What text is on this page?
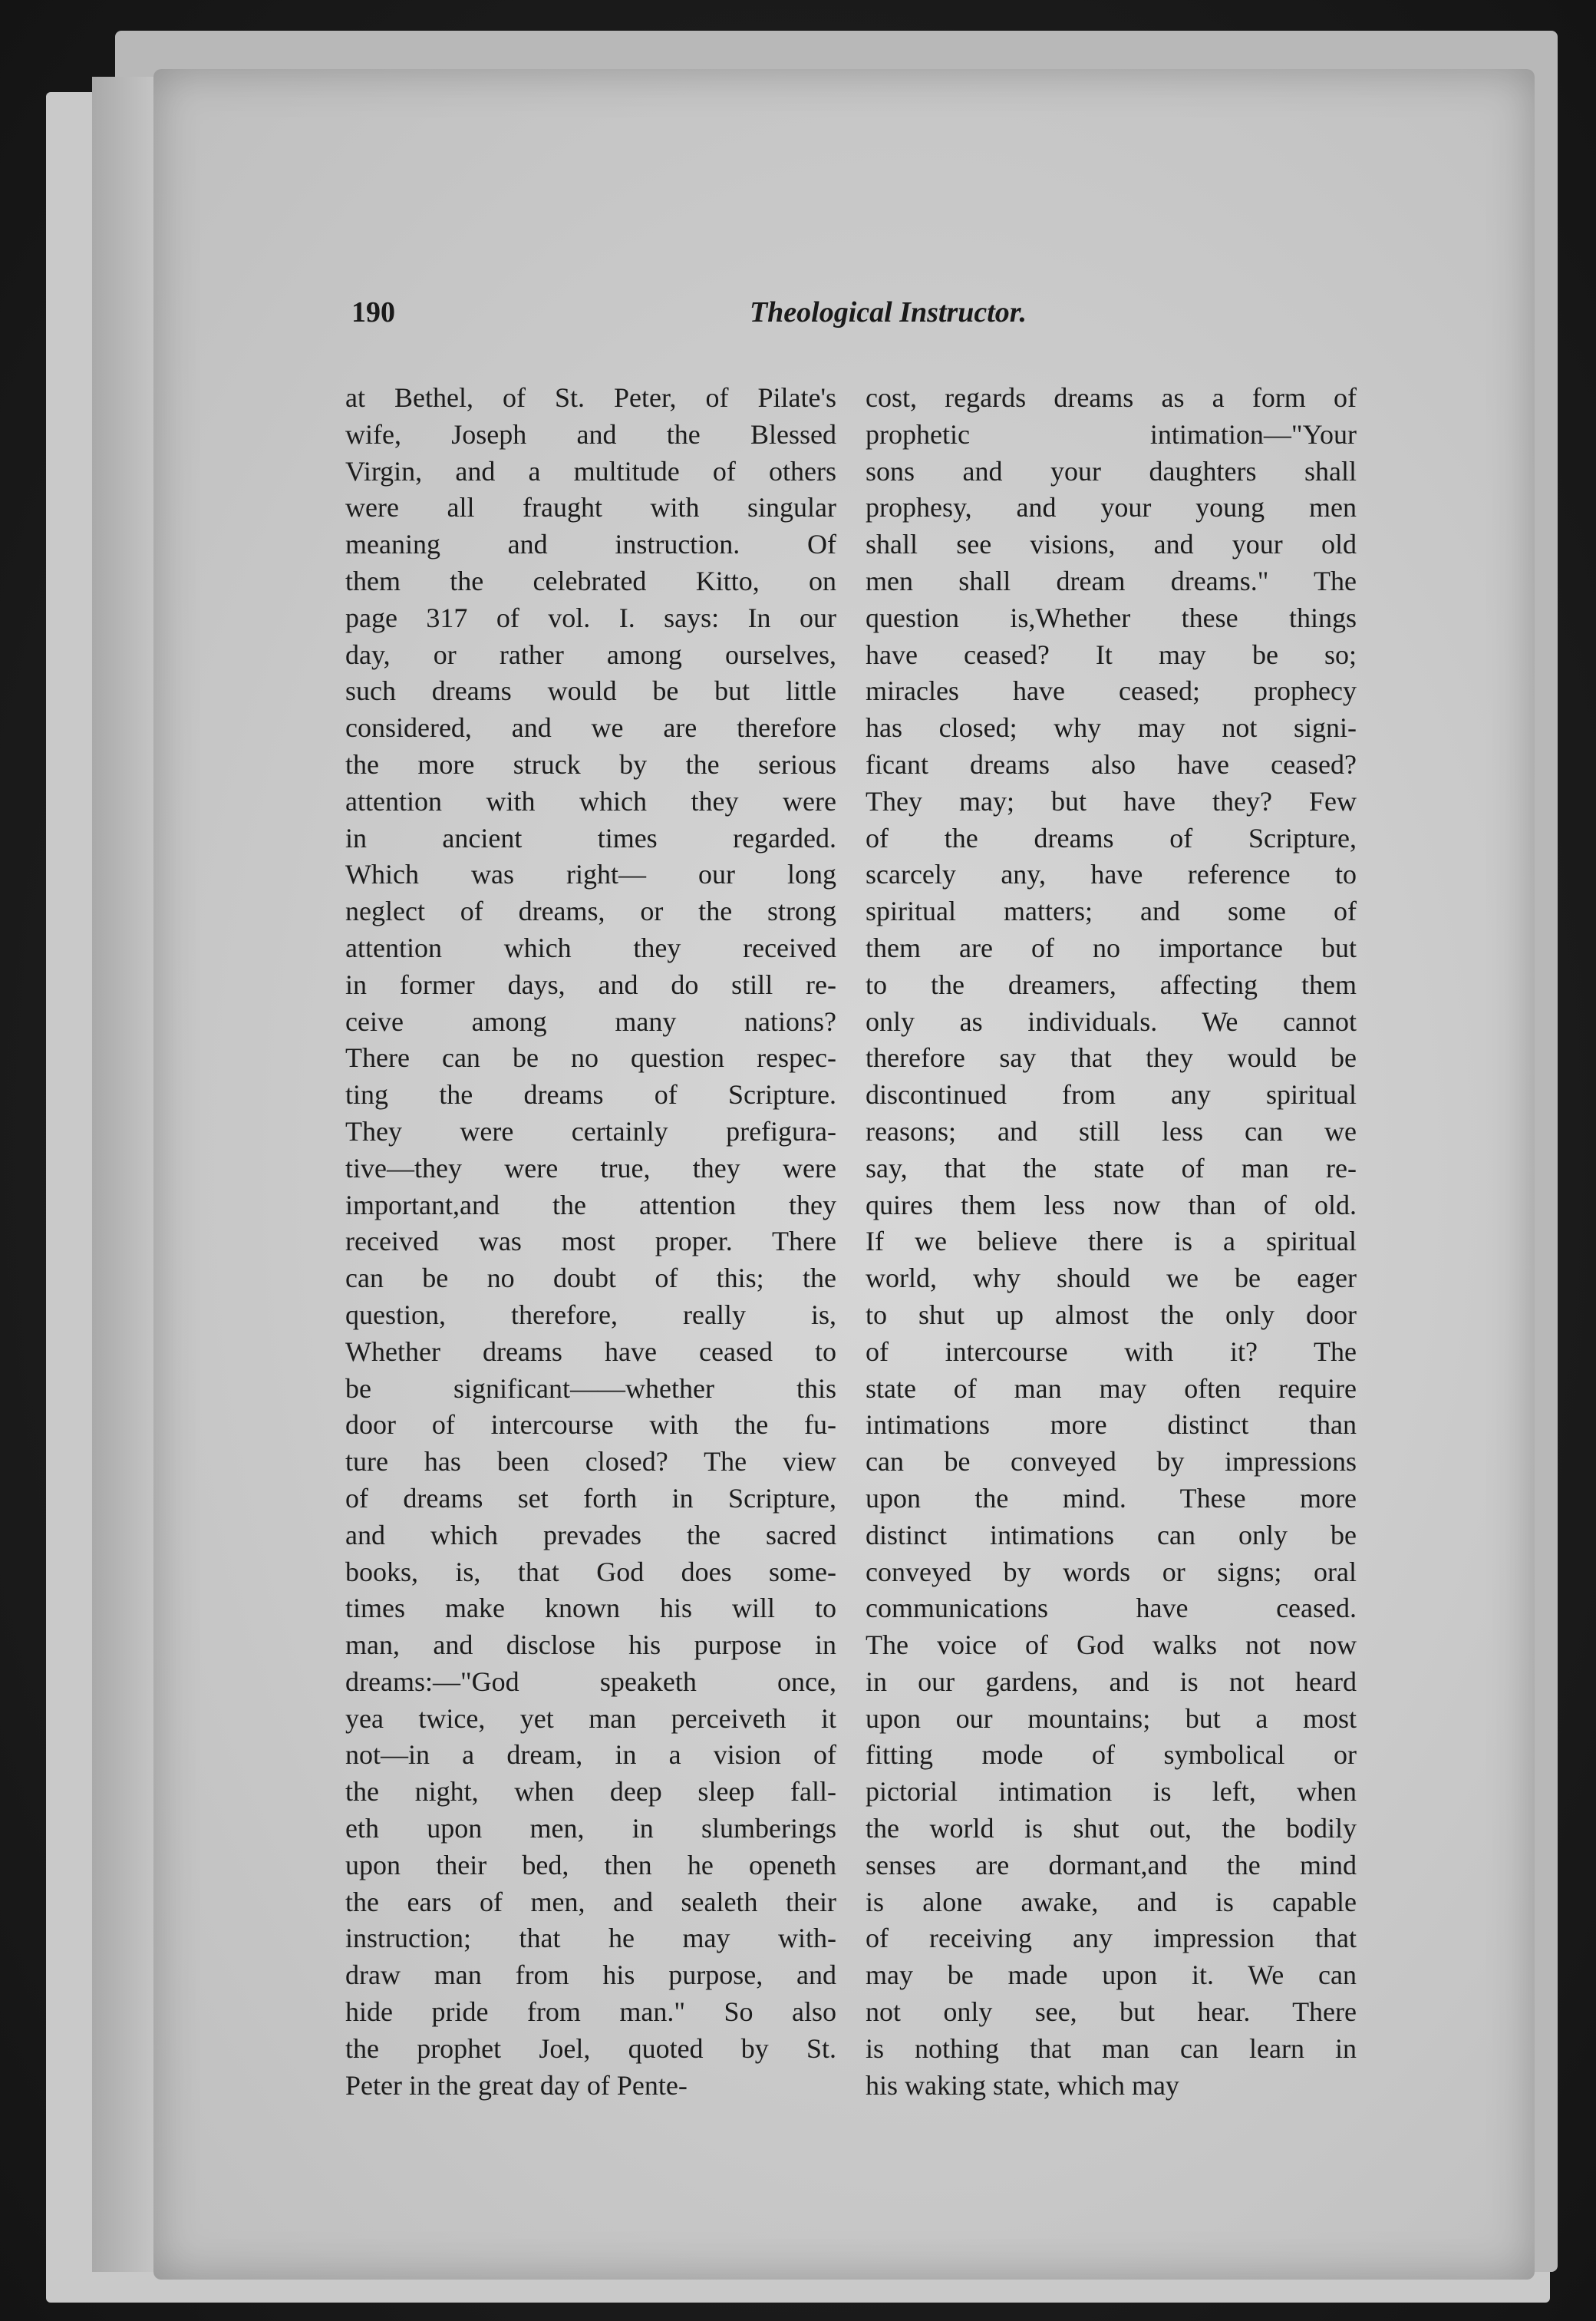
190	Theological Instructor.
at Bethel, of St. Peter, of Pilate's
wife, Joseph and the Blessed
Virgin, and a multitude of others
were all fraught with singular
meaning and instruction. Of
them the celebrated Kitto, on
page 317 of vol. I. says: In our
day, or rather among ourselves,
such dreams would be but little
considered, and we are therefore
the more struck by the serious
attention with which they were
in ancient times regarded.
Which was right— our long
neglect of dreams, or the strong
attention which they received
in former days, and do still re-
ceive among many nations?
There can be no question respec-
ting the dreams of Scripture.
They were certainly prefigura-
tive—they were true, they were
important,and the attention they
received was most proper. There
can be no doubt of this; the
question, therefore, really is,
Whether dreams have ceased to
be significant——whether this
door of intercourse with the fu-
ture has been closed? The view
of dreams set forth in Scripture,
and which prevades the sacred
books, is, that God does some-
times make known his will to
man, and disclose his purpose in
dreams:—"God speaketh once,
yea twice, yet man perceiveth it
not—in a dream, in a vision of
the night, when deep sleep fall-
eth upon men, in slumberings
upon their bed, then he openeth
the ears of men, and sealeth their
instruction; that he may with-
draw man from his purpose, and
hide pride from man." So also
the prophet Joel, quoted by St.
Peter in the great day of Pente-
cost, regards dreams as a form of
prophetic intimation—"Your
sons and your daughters shall
prophesy, and your young men
shall see visions, and your old
men shall dream dreams." The
question is,Whether these things
have ceased? It may be so;
miracles have ceased; prophecy
has closed; why may not signi-
ficant dreams also have ceased?
They may; but have they? Few
of the dreams of Scripture,
scarcely any, have reference to
spiritual matters; and some of
them are of no importance but
to the dreamers, affecting them
only as individuals. We cannot
therefore say that they would be
discontinued from any spiritual
reasons; and still less can we
say, that the state of man re-
quires them less now than of old.
If we believe there is a spiritual
world, why should we be eager
to shut up almost the only door
of intercourse with it? The
state of man may often require
intimations more distinct than
can be conveyed by impressions
upon the mind. These more
distinct intimations can only be
conveyed by words or signs; oral
communications have ceased.
The voice of God walks not now
in our gardens, and is not heard
upon our mountains; but a most
fitting mode of symbolical or
pictorial intimation is left, when
the world is shut out, the bodily
senses are dormant,and the mind
is alone awake, and is capable
of receiving any impression that
may be made upon it. We can
not only see, but hear. There
is nothing that man can learn in
his waking state, which may
